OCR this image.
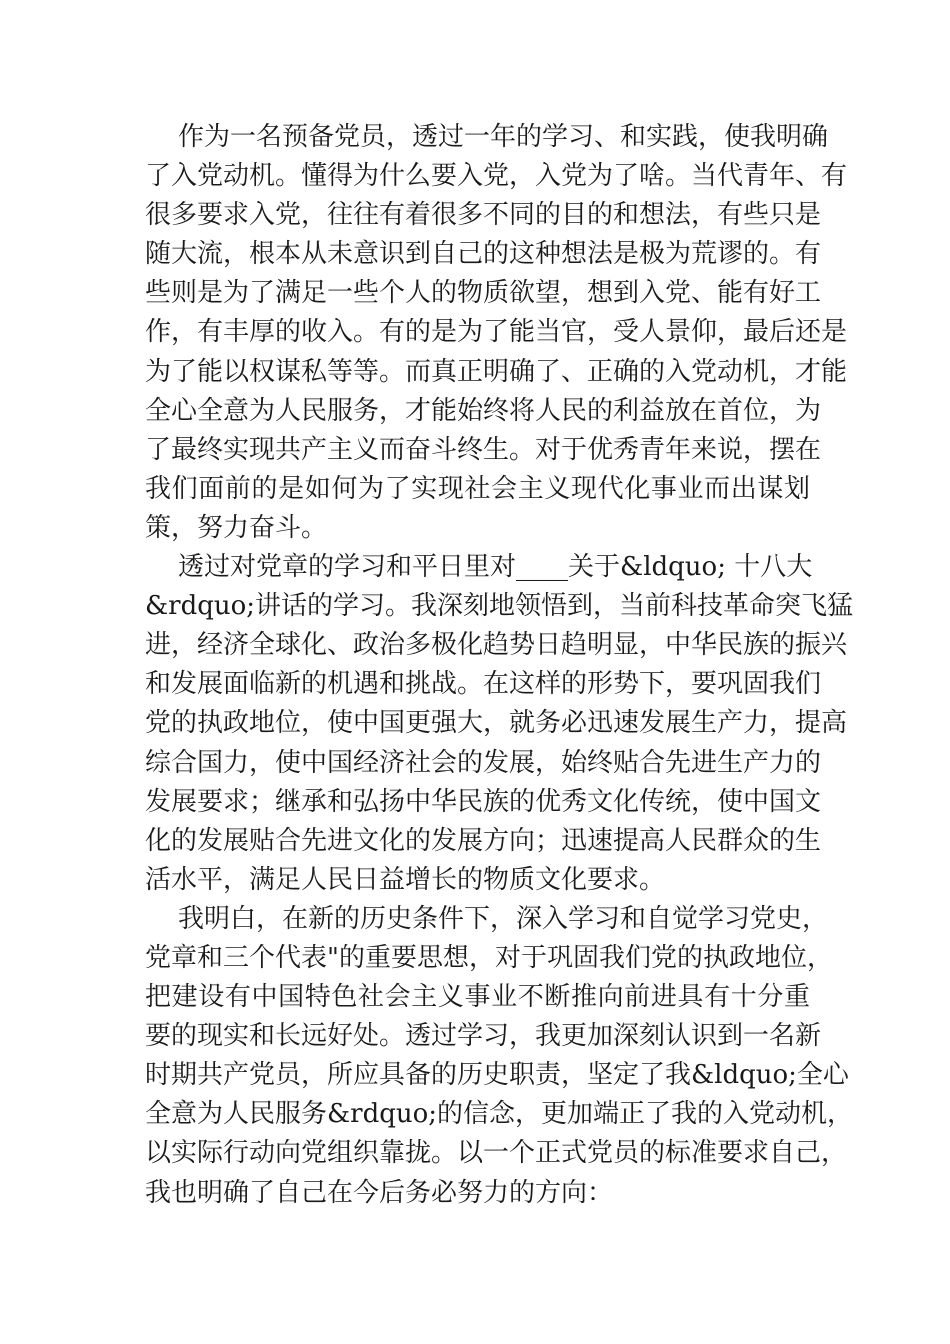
作为一名预备党员，透过一年的学习、和实践，使我明确
了入党动机。懂得为什么要入党，入党为了啥。当代青年、有
很多要求入党，往往有着很多不同的目的和想法，有些只是
随大流，根本从未意识到自己的这种想法是极为荒谬的。有
些则是为了满足一些个人的物质欲望，想到入党、能有好工
作，有丰厚的收入。有的是为了能当官，受人景仰，最后还是
为了能以权谋私等等。而真正明确了、正确的入党动机，才能
全心全意为人民服务，才能始终将人民的利益放在首位，为
了最终实现共产主义而奋斗终生。对于优秀青年来说，摆在
我们面前的是如何为了实现社会主义现代化事业而出谋划
策，努力奋斗。
透过对党章的学习和平日里对____关于&ldquo; 十八大
&rdquo;讲话的学习。我深刻地领悟到，当前科技革命突飞猛
进，经济全球化、政治多极化趋势日趋明显，中华民族的振兴
和发展面临新的机遇和挑战。在这样的形势下，要巩固我们
党的执政地位，使中国更强大，就务必迅速发展生产力，提高
综合国力，使中国经济社会的发展，始终贴合先进生产力的
发展要求；继承和弘扬中华民族的优秀文化传统，使中国文
化的发展贴合先进文化的发展方向；迅速提高人民群众的生
活水平，满足人民日益增长的物质文化要求。
我明白，在新的历史条件下，深入学习和自觉学习党史，
党章和三个代表"的重要思想，对于巩固我们党的执政地位，
把建设有中国特色社会主义事业不断推向前进具有十分重
要的现实和长远好处。透过学习，我更加深刻认识到一名新
时期共产党员，所应具备的历史职责，坚定了我&ldquo;全心
全意为人民服务&rdquo;的信念，更加端正了我的入党动机，
以实际行动向党组织靠拢。以一个正式党员的标准要求自己，
我也明确了自己在今后务必努力的方向：
